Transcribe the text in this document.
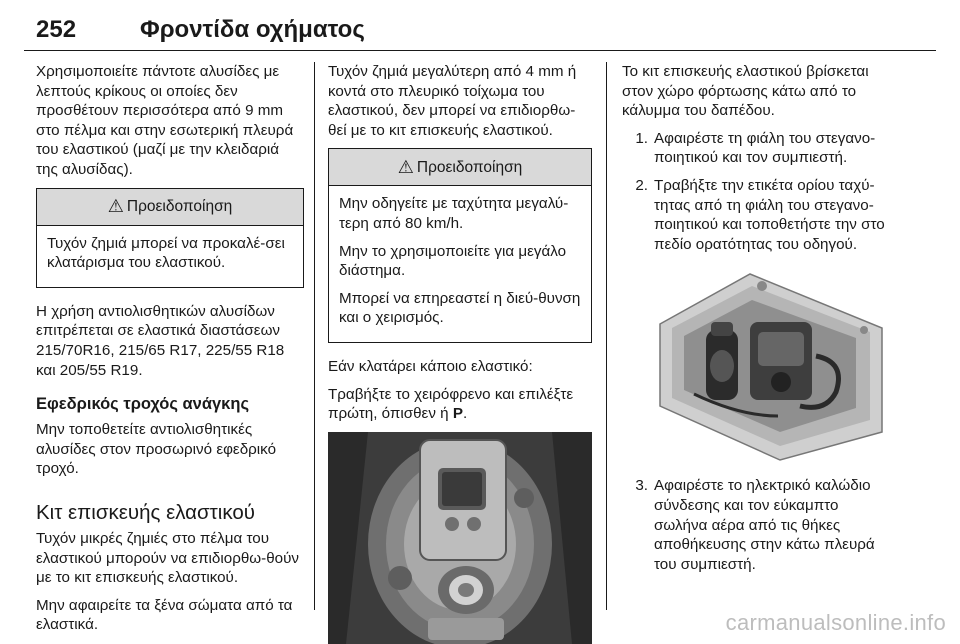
252	Φροντίδα οχήματος

Χρησιμοποιείτε πάντοτε αλυσίδες με λεπτούς κρίκους οι οποίες δεν προσθέτουν περισσότερα από 9 mm στο πέλμα και στην εσωτερική πλευρά του ελαστικού (μαζί με την κλειδαριά της αλυσίδας).

⚠ Προειδοποίηση

Τυχόν ζημιά μπορεί να προκαλέ-σει κλατάρισμα του ελαστικού.

Η χρήση αντιολισθητικών αλυσίδων επιτρέπεται σε ελαστικά διαστάσεων 215/70R16, 215/65 R17, 225/55 R18 και 205/55 R19.

Εφεδρικός τροχός ανάγκης

Μην τοποθετείτε αντιολισθητικές αλυσίδες στον προσωρινό εφεδρικό τροχό.

Κιτ επισκευής ελαστικού

Τυχόν μικρές ζημιές στο πέλμα του ελαστικού μπορούν να επιδιορθω-θούν με το κιτ επισκευής ελαστικού.

Μην αφαιρείτε τα ξένα σώματα από τα ελαστικά.

Τυχόν ζημιά μεγαλύτερη από 4 mm ή κοντά στο πλευρικό τοίχωμα του ελαστικού, δεν μπορεί να επιδιορθω-θεί με το κιτ επισκευής ελαστικού.

⚠ Προειδοποίηση

Μην οδηγείτε με ταχύτητα μεγαλύ-τερη από 80 km/h.

Μην το χρησιμοποιείτε για μεγάλο διάστημα.

Μπορεί να επηρεαστεί η διεύ-θυνση και ο χειρισμός.

Εάν κλατάρει κάποιο ελαστικό:

Τραβήξτε το χειρόφρενο και επιλέξτε πρώτη, όπισθεν ή P.

Το κιτ επισκευής ελαστικού βρίσκεται στον χώρο φόρτωσης κάτω από το κάλυμμα του δαπέδου.

1. Αφαιρέστε τη φιάλη του στεγανο-ποιητικού και τον συμπιεστή.
2. Τραβήξτε την ετικέτα ορίου ταχύ-τητας από τη φιάλη του στεγανο-ποιητικού και τοποθετήστε την στο πεδίο ορατότητας του οδηγού.
3. Αφαιρέστε το ηλεκτρικό καλώδιο σύνδεσης και τον εύκαμπτο σωλήνα αέρα από τις θήκες αποθήκευσης στην κάτω πλευρά του συμπιεστή.
carmanualsonline.info
